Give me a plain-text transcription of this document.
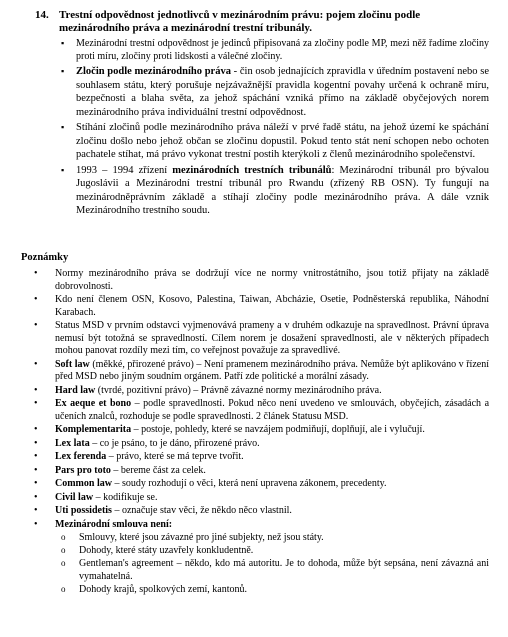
14. Trestní odpovědnost jednotlivců v mezinárodním právu: pojem zločinu podle mezinárodního práva a mezinárodní trestní tribunály.
▪ Mezinárodní trestní odpovědnost je jedinců připisovaná za zločiny podle MP, mezi něž řadíme zločiny proti míru, zločiny proti lidskosti a válečné zločiny.
▪ Zločin podle mezinárodního práva - čin osob jednajících zpravidla v úředním postavení nebo se souhlasem státu, který porušuje nejzávažnější pravidla kogentní povahy určená k ochraně míru, bezpečnosti a blaha světa, za jehož spáchání vzniká přímo na základě obyčejových norem mezinárodního práva individuální trestní odpovědnost.
▪ Stíhání zločinů podle mezinárodního práva náleží v prvé řadě státu, na jehož území ke spáchání zločinu došlo nebo jehož občan se zločinu dopustil. Pokud tento stát není schopen nebo ochoten pachatele stíhat, má právo vykonat trestní postih kterýkoli z členů mezinárodního společenství.
▪ 1993 – 1994 zřízení mezinárodních trestních tribunálů: Mezinárodní tribunál pro bývalou Jugoslávii a Mezinárodní trestní tribunál pro Rwandu (zřízený RB OSN). Ty fungují na mezinárodněprávním základě a stíhají zločiny podle mezinárodního práva. A dále vznik Mezinárodního trestního soudu.
Poznámky
• Normy mezinárodního práva se dodržují více ne normy vnitrostátního, jsou totiž přijaty na základě dobrovolnosti.
• Kdo není členem OSN, Kosovo, Palestina, Taiwan, Abcházie, Osetie, Podněsterská republika, Náhodní Karabach.
• Status MSD v prvním odstavci vyjmenovává prameny a v druhém odkazuje na spravedlnost. Právní úprava nemusí být totožná se spravedlností. Cílem norem je dosažení spravedlnosti, ale v některých případech mohou panovat rozdíly mezi tím, co veřejnost považuje za spravedlivé.
• Soft law (měkké, přirozené právo) – Není pramenem mezinárodního práva. Nemůže být aplikováno v řízení před MSD nebo jiným soudním orgánem. Patří zde politické a morální zásady.
• Hard law (tvrdé, pozitivní právo) – Právně závazné normy mezinárodního práva.
• Ex aeque et bono – podle spravedlnosti. Pokud něco není uvedeno ve smlouvách, obyčejích, zásadách a učeních znalců, rozhoduje se podle spravedlnosti. 2 článek Statusu MSD.
• Komplementarita – postoje, pohledy, které se navzájem podmiňují, doplňují, ale i vylučují.
• Lex lata – co je psáno, to je dáno, přirozené právo.
• Lex ferenda – právo, které se má teprve tvořit.
• Pars pro toto – bereme část za celek.
• Common law – soudy rozhodují o věci, která není upravena zákonem, precedenty.
• Civil law – kodifikuje se.
• Uti possidetis – označuje stav věci, že někdo něco vlastnil.
• Mezinárodní smlouva není:
o Smlouvy, které jsou závazné pro jiné subjekty, než jsou státy.
o Dohody, které státy uzavřely konkludentně.
o Gentleman's agreement – někdo, kdo má autoritu. Je to dohoda, může být sepsána, není závazná ani vymahatelná.
o Dohody krajů, spolkových zemí, kantonů.
